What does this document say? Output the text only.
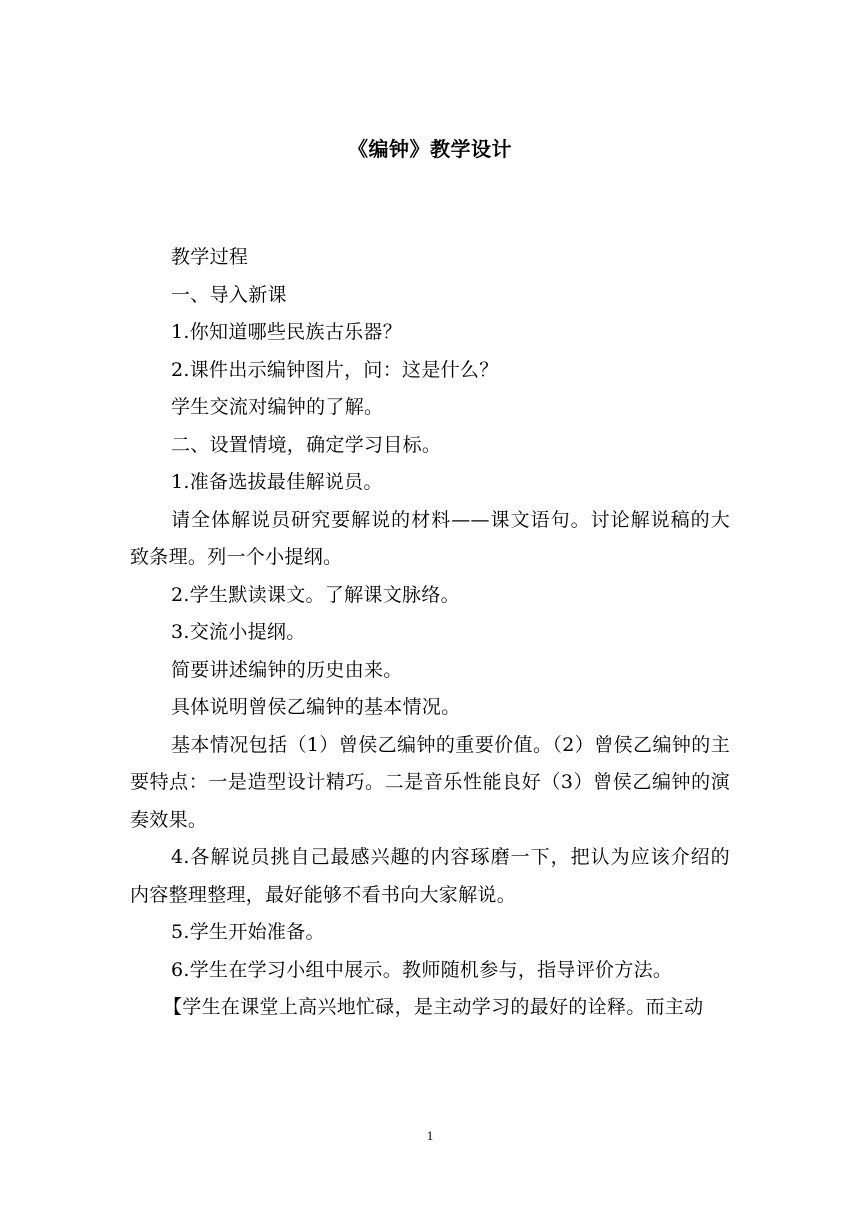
《编钟》教学设计

教学过程

一、导入新课

1.你知道哪些民族古乐器？

2.课件出示编钟图片，问：这是什么？

学生交流对编钟的了解。

二、设置情境，确定学习目标。

1.准备选拔最佳解说员。

请全体解说员研究要解说的材料——课文语句。讨论解说稿的大致条理。列一个小提纲。

2.学生默读课文。了解课文脉络。

3.交流小提纲。

简要讲述编钟的历史由来。

具体说明曾侯乙编钟的基本情况。

基本情况包括（1）曾侯乙编钟的重要价值。（2）曾侯乙编钟的主要特点：一是造型设计精巧。二是音乐性能良好（3）曾侯乙编钟的演奏效果。

4.各解说员挑自己最感兴趣的内容琢磨一下，把认为应该介绍的内容整理整理，最好能够不看书向大家解说。

5.学生开始准备。

6.学生在学习小组中展示。教师随机参与，指导评价方法。

【学生在课堂上高兴地忙碌，是主动学习的最好的诠释。而主动

1
